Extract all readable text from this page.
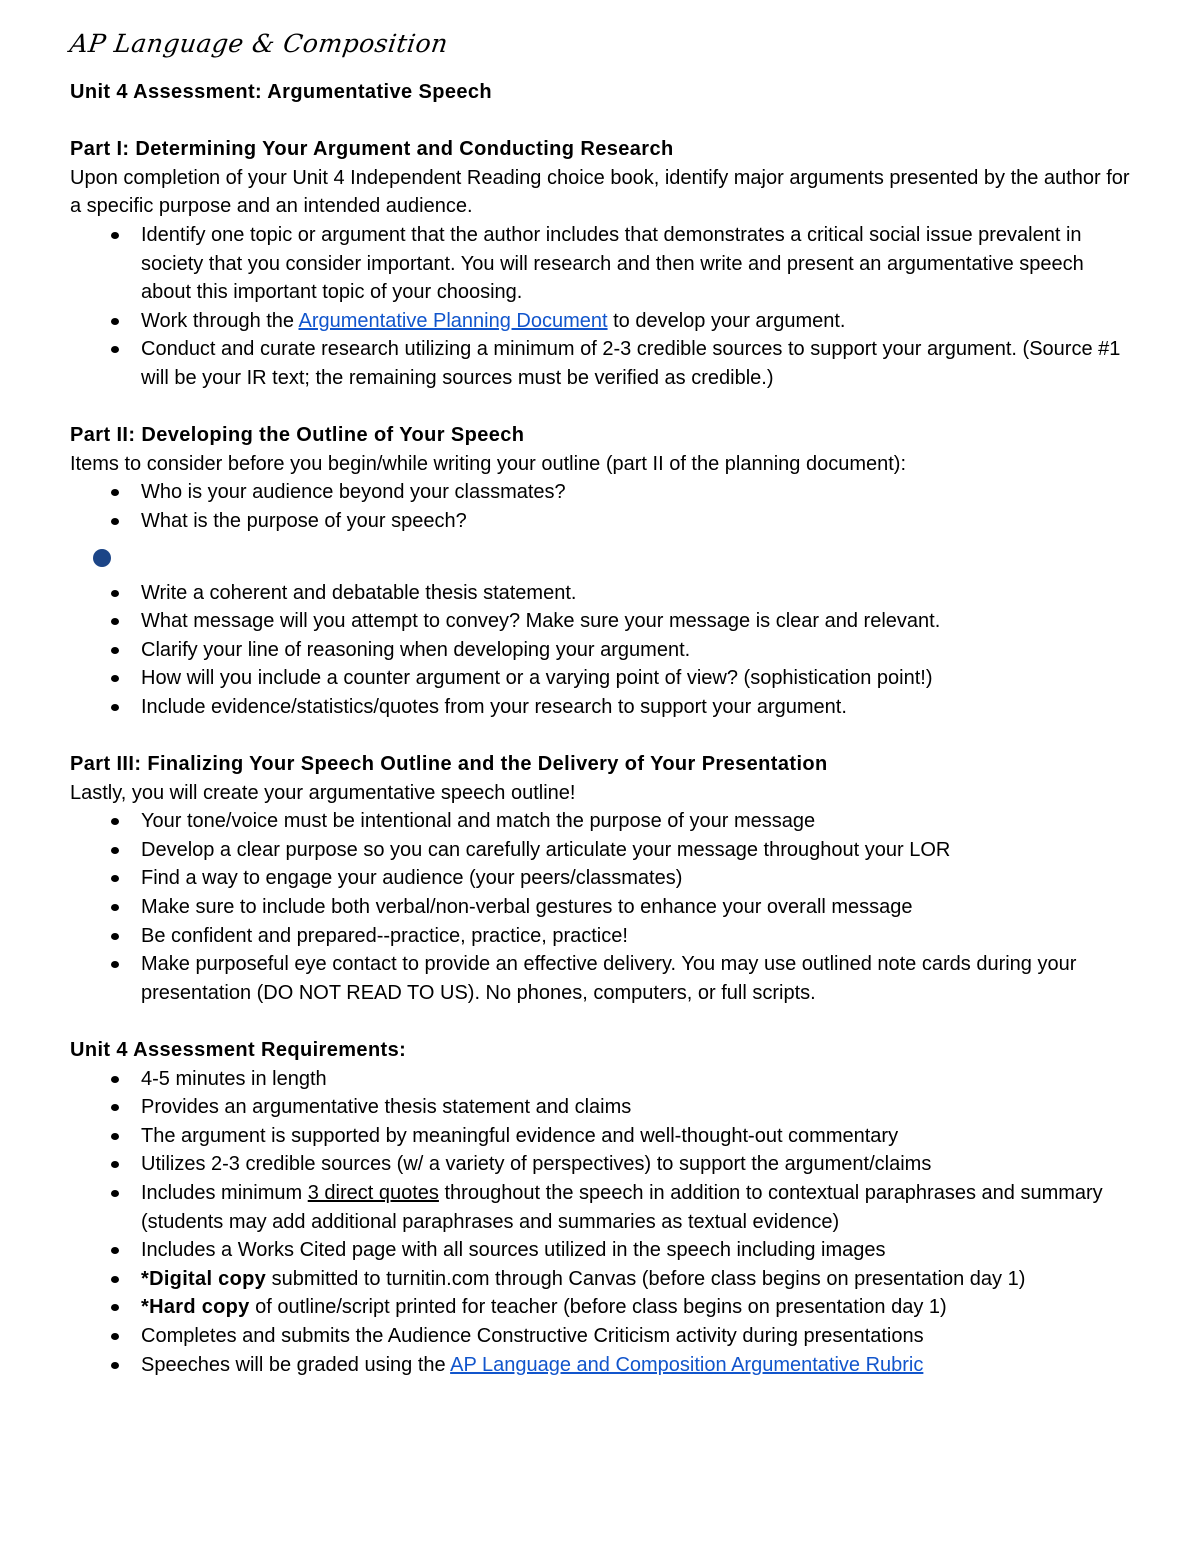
AP Language & Composition

Unit 4 Assessment: Argumentative Speech

Part I: Determining Your Argument and Conducting Research

Upon completion of your Unit 4 Independent Reading choice book, identify major arguments presented by the author for a specific purpose and an intended audience.

Identify one topic or argument that the author includes that demonstrates a critical social issue prevalent in society that you consider important. You will research and then write and present an argumentative speech about this important topic of your choosing.
Work through the Argumentative Planning Document to develop your argument.
Conduct and curate research utilizing a minimum of 2-3 credible sources to support your argument. (Source #1 will be your IR text; the remaining sources must be verified as credible.)

Part II: Developing the Outline of Your Speech

Items to consider before you begin/while writing your outline (part II of the planning document):

Who is your audience beyond your classmates?
What is the purpose of your speech?
Write a coherent and debatable thesis statement.
What message will you attempt to convey? Make sure your message is clear and relevant.
Clarify your line of reasoning when developing your argument.
How will you include a counter argument or a varying point of view? (sophistication point!)
Include evidence/statistics/quotes from your research to support your argument.

Part III: Finalizing Your Speech Outline and the Delivery of Your Presentation

Lastly, you will create your argumentative speech outline!

Your tone/voice must be intentional and match the purpose of your message
Develop a clear purpose so you can carefully articulate your message throughout your LOR
Find a way to engage your audience (your peers/classmates)
Make sure to include both verbal/non-verbal gestures to enhance your overall message
Be confident and prepared--practice, practice, practice!
Make purposeful eye contact to provide an effective delivery. You may use outlined note cards during your presentation (DO NOT READ TO US). No phones, computers, or full scripts.

Unit 4 Assessment Requirements:

4-5 minutes in length
Provides an argumentative thesis statement and claims
The argument is supported by meaningful evidence and well-thought-out commentary
Utilizes 2-3 credible sources (w/ a variety of perspectives) to support the argument/claims
Includes minimum 3 direct quotes throughout the speech in addition to contextual paraphrases and summary (students may add additional paraphrases and summaries as textual evidence)
Includes a Works Cited page with all sources utilized in the speech including images
*Digital copy submitted to turnitin.com through Canvas (before class begins on presentation day 1)
*Hard copy of outline/script printed for teacher (before class begins on presentation day 1)
Completes and submits the Audience Constructive Criticism activity during presentations
Speeches will be graded using the AP Language and Composition Argumentative Rubric
